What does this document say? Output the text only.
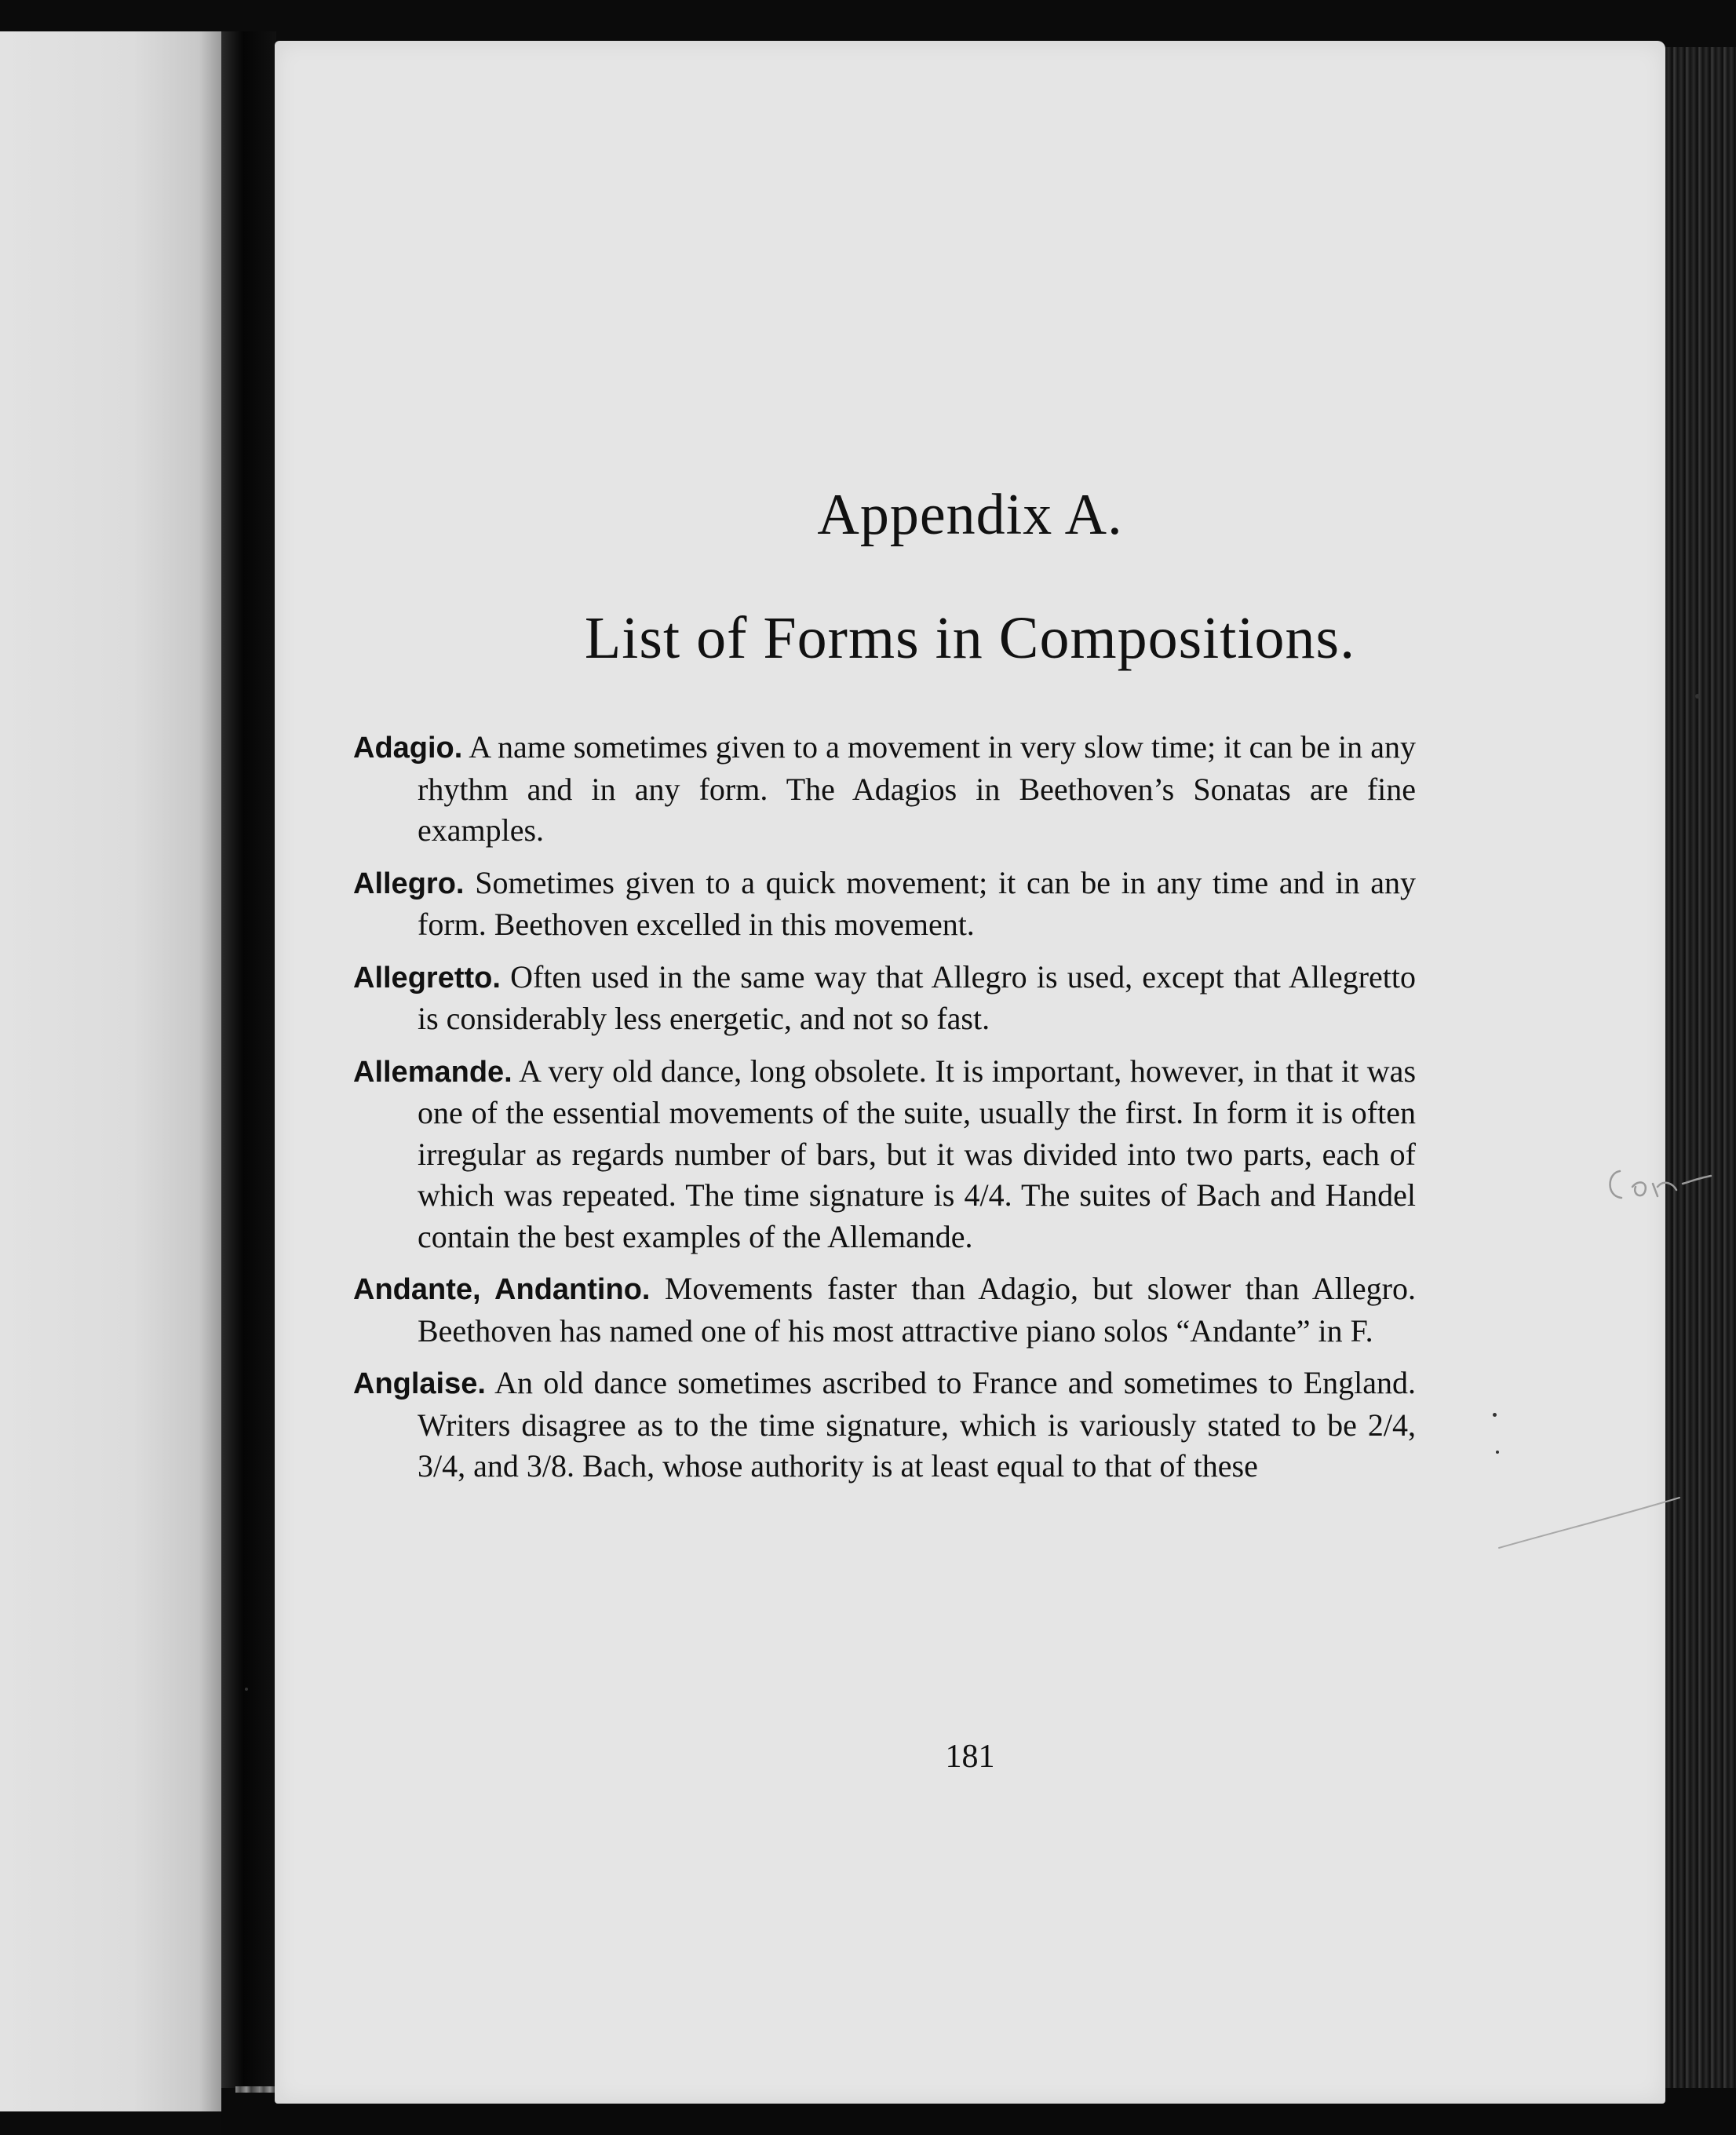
Appendix A.
List of Forms in Compositions.

Adagio. A name sometimes given to a movement in very slow time; it can be in any rhythm and in any form. The Adagios in Beethoven’s Sonatas are fine examples.

Allegro. Sometimes given to a quick movement; it can be in any time and in any form. Beethoven excelled in this movement.

Allegretto. Often used in the same way that Allegro is used, except that Allegretto is considerably less energetic, and not so fast.

Allemande. A very old dance, long obsolete. It is important, however, in that it was one of the essential movements of the suite, usually the first. In form it is often irregular as regards number of bars, but it was divided into two parts, each of which was repeated. The time signature is 4/4. The suites of Bach and Handel contain the best examples of the Allemande.

Andante, Andantino. Movements faster than Adagio, but slower than Allegro. Beethoven has named one of his most attractive piano solos “Andante” in F.

Anglaise. An old dance sometimes ascribed to France and sometimes to England. Writers disagree as to the time signature, which is variously stated to be 2/4, 3/4, and 3/8. Bach, whose authority is at least equal to that of these

181
